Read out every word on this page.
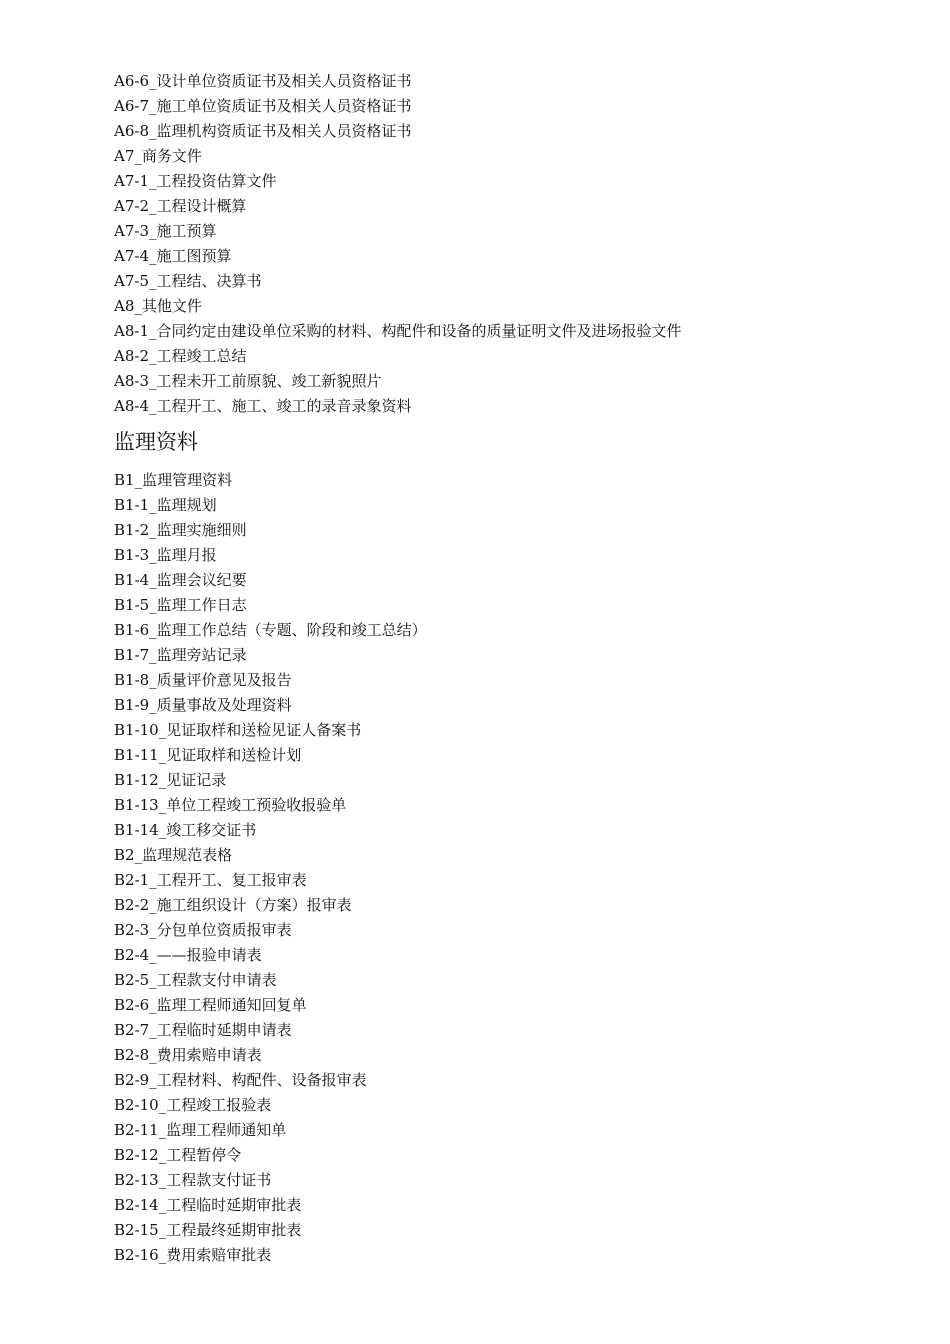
A6-6_设计单位资质证书及相关人员资格证书
A6-7_施工单位资质证书及相关人员资格证书
A6-8_监理机构资质证书及相关人员资格证书
A7_商务文件
A7-1_工程投资估算文件
A7-2_工程设计概算
A7-3_施工预算
A7-4_施工图预算
A7-5_工程结、决算书
A8_其他文件
A8-1_合同约定由建设单位采购的材料、构配件和设备的质量证明文件及进场报验文件
A8-2_工程竣工总结
A8-3_工程未开工前原貌、竣工新貌照片
A8-4_工程开工、施工、竣工的录音录象资料
监理资料
B1_监理管理资料
B1-1_监理规划
B1-2_监理实施细则
B1-3_监理月报
B1-4_监理会议纪要
B1-5_监理工作日志
B1-6_监理工作总结（专题、阶段和竣工总结）
B1-7_监理旁站记录
B1-8_质量评价意见及报告
B1-9_质量事故及处理资料
B1-10_见证取样和送检见证人备案书
B1-11_见证取样和送检计划
B1-12_见证记录
B1-13_单位工程竣工预验收报验单
B1-14_竣工移交证书
B2_监理规范表格
B2-1_工程开工、复工报审表
B2-2_施工组织设计（方案）报审表
B2-3_分包单位资质报审表
B2-4_——报验申请表
B2-5_工程款支付申请表
B2-6_监理工程师通知回复单
B2-7_工程临时延期申请表
B2-8_费用索赔申请表
B2-9_工程材料、构配件、设备报审表
B2-10_工程竣工报验表
B2-11_监理工程师通知单
B2-12_工程暂停令
B2-13_工程款支付证书
B2-14_工程临时延期审批表
B2-15_工程最终延期审批表
B2-16_费用索赔审批表
